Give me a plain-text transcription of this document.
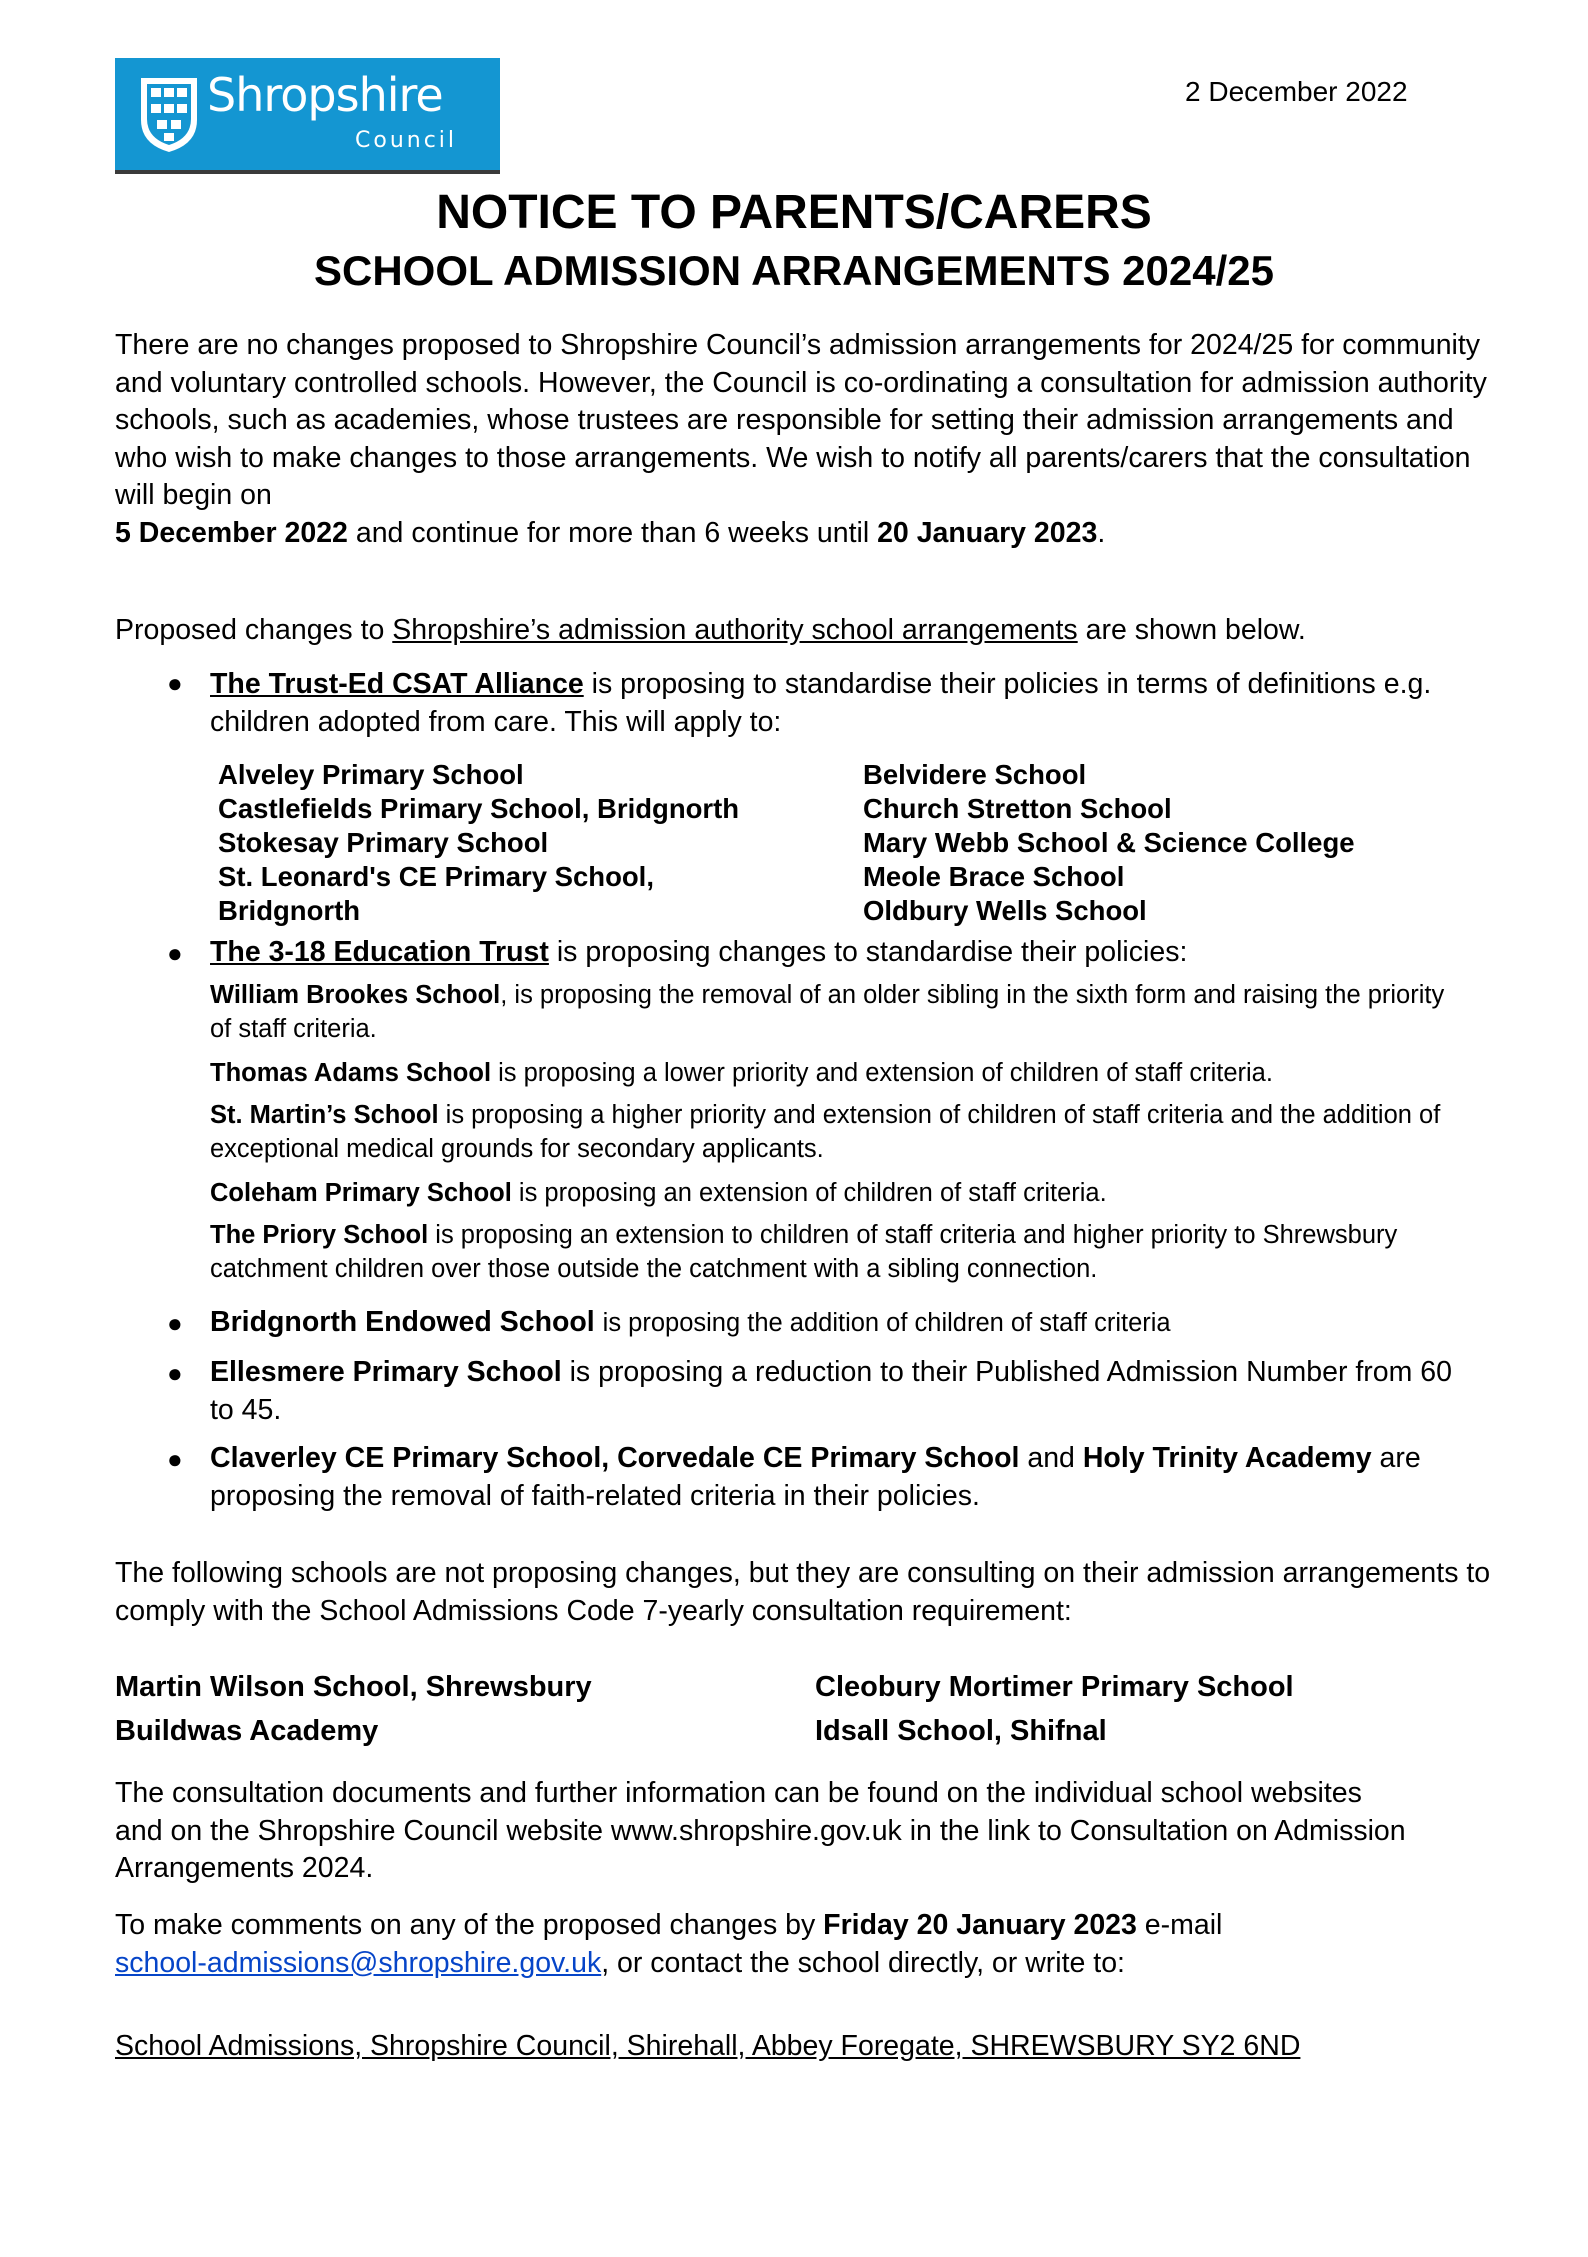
Shropshire
Council
2 December 2022
NOTICE TO PARENTS/CARERS
SCHOOL ADMISSION ARRANGEMENTS 2024/25
There are no changes proposed to Shropshire Council’s admission arrangements for 2024/25 for community and voluntary controlled schools. However, the Council is co-ordinating a consultation for admission authority schools, such as academies, whose trustees are responsible for setting their admission arrangements and who wish to make changes to those arrangements. We wish to notify all parents/carers that the consultation will begin on
5 December 2022 and continue for more than 6 weeks until 20 January 2023.
Proposed changes to Shropshire’s admission authority school arrangements are shown below.
● The Trust-Ed CSAT Alliance is proposing to standardise their policies in terms of definitions e.g. children adopted from care. This will apply to:
● The 3-18 Education Trust is proposing changes to standardise their policies:
● Bridgnorth Endowed School is proposing the addition of children of staff criteria
● Ellesmere Primary School is proposing a reduction to their Published Admission Number from 60 to 45.
● Claverley CE Primary School, Corvedale CE Primary School and Holy Trinity Academy are proposing the removal of faith-related criteria in their policies.
Alveley Primary School
Castlefields Primary School, Bridgnorth
Stokesay Primary School
St. Leonard's CE Primary School,
Bridgnorth
Belvidere School
Church Stretton School
Mary Webb School & Science College
Meole Brace School
Oldbury Wells School
William Brookes School, is proposing the removal of an older sibling in the sixth form and raising the priority of staff criteria.
Thomas Adams School is proposing a lower priority and extension of children of staff criteria.
St. Martin’s School is proposing a higher priority and extension of children of staff criteria and the addition of exceptional medical grounds for secondary applicants.
Coleham Primary School is proposing an extension of children of staff criteria.
The Priory School is proposing an extension to children of staff criteria and higher priority to Shrewsbury catchment children over those outside the catchment with a sibling connection.
The following schools are not proposing changes, but they are consulting on their admission arrangements to comply with the School Admissions Code 7-yearly consultation requirement:
Martin Wilson School, Shrewsbury
Buildwas Academy
Cleobury Mortimer Primary School
Idsall School, Shifnal
The consultation documents and further information can be found on the individual school websites and on the Shropshire Council website www.shropshire.gov.uk in the link to Consultation on Admission Arrangements 2024.
To make comments on any of the proposed changes by Friday 20 January 2023 e-mail
school-admissions@shropshire.gov.uk, or contact the school directly, or write to:
School Admissions, Shropshire Council, Shirehall, Abbey Foregate, SHREWSBURY SY2 6ND
